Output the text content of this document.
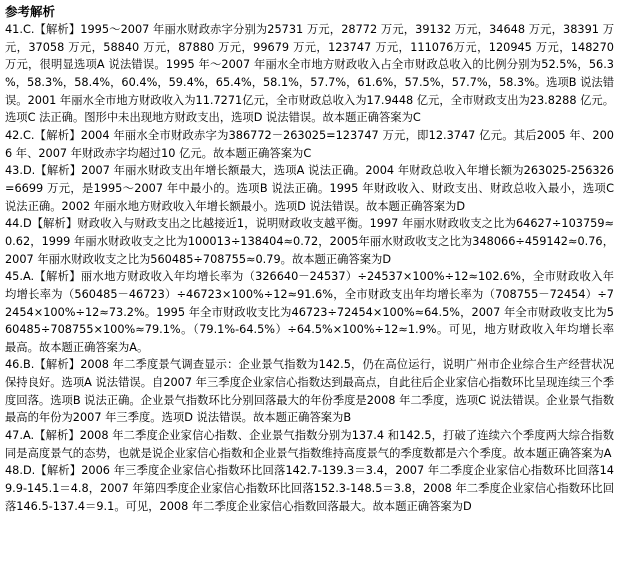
参考解析

41.C.【解析】1995～2007 年丽水财政赤字分别为25731 万元，28772 万元，39132 万元，34648 万元，38391 万元，37058 万元，58840 万元，87880 万元，99679 万元，123747 万元，111076万元，120945 万元，148270 万元，很明显选项A 说法错误。1995 年～2007 年丽水全市地方财政收入占全市财政总收入的比例分别为52.5%，56.3%，58.3%，58.4%，60.4%，59.4%，65.4%，58.1%，57.7%，61.6%，57.5%，57.7%，58.3%。选项B 说法错误。2001 年丽水全市地方财政收入为11.7271亿元，全市财政总收入为17.9448 亿元，全市财政支出为23.8288 亿元。选项C 法正确。图形中未出现地方财政支出，选项D 说法错误。故本题正确答案为C

42.C.【解析】2004 年丽水全市财政赤字为386772－263025=123747 万元，即12.3747 亿元。其后2005 年、2006 年、2007 年财政赤字均超过10 亿元。故本题正确答案为C

43.D.【解析】2007 年丽水财政支出年增长额最大，选项A 说法正确。2004 年财政总收入年增长额为263025-256326=6699 万元，是1995～2007 年中最小的。选项B 说法正确。1995 年财政收入、财政支出、财政总收入最小，选项C 说法正确。2002 年丽水地方财政收入年增长额最小。选项D 说法错误。故本题正确答案为D

44.D【解析】财政收入与财政支出之比越接近1，说明财政收支越平衡。1997 年丽水财政收支之比为64627÷103759≈0.62，1999 年丽水财政收支之比为100013÷138404≈0.72，2005年丽水财政收支之比为348066÷459142≈0.76，2007 年丽水财政收支之比为560485÷708755≈0.79。故本题正确答案为D

45.A.【解析】丽水地方财政收入年均增长率为（326640－24537）÷24537×100%÷12≈102.6%，全市财政收入年均增长率为（560485－46723）÷46723×100%÷12≈91.6%，全市财政支出年均增长率为（708755－72454）÷72454×100%÷12≈73.2%。1995 年全市财政收支比为46723÷72454×100%≈64.5%，2007 年全市财政收支比为560485÷708755×100%≈79.1%。（79.1%-64.5%）÷64.5%×100%÷12≈1.9%。可见，地方财政收入年均增长率最高。故本题正确答案为A。

46.B.【解析】2008 年二季度景气调查显示：企业景气指数为142.5，仍在高位运行，说明广州市企业综合生产经营状况保持良好。选项A 说法错误。自2007 年三季度企业家信心指数达到最高点，自此往后企业家信心指数环比呈现连续三个季度回落。选项B 说法正确。企业景气指数环比分别回落最大的年份季度是2008 年二季度，选项C 说法错误。企业景气指数最高的年份为2007 年三季度。选项D 说法错误。故本题正确答案为B

47.A.【解析】2008 年二季度企业家信心指数、企业景气指数分别为137.4 和142.5，打破了连续六个季度两大综合指数同是高度景气的态势，也就是说企业家信心指数和企业景气指数维持高度景气的季度数都是六个季度。故本题正确答案为A

48.D.【解析】2006 年三季度企业家信心指数环比回落142.7-139.3＝3.4，2007 年二季度企业家信心指数环比回落149.9-145.1＝4.8，2007 年第四季度企业家信心指数环比回落152.3-148.5＝3.8，2008 年二季度企业家信心指数环比回落146.5-137.4＝9.1。可见，2008 年二季度企业家信心指数回落最大。故本题正确答案为D
